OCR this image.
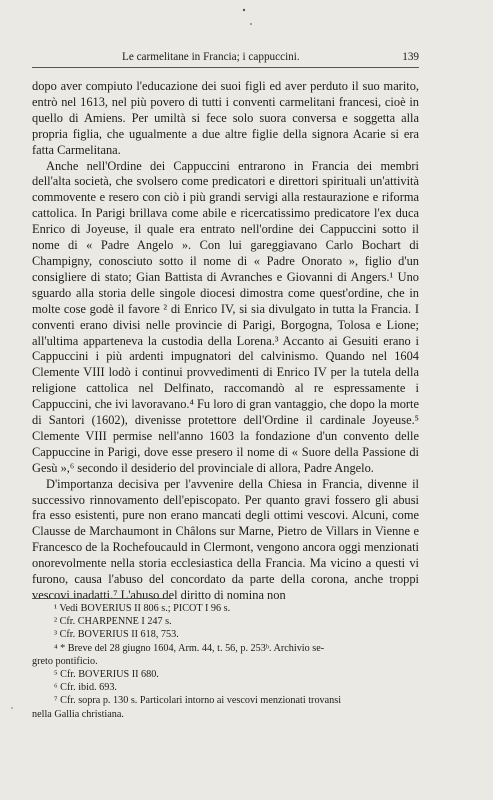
Le carmelitane in Francia; i cappuccini.	139

dopo aver compiuto l'educazione dei suoi figli ed aver perduto il suo marito, entrò nel 1613, nel più povero di tutti i conventi carmelitani francesi, cioè in quello di Amiens. Per umiltà si fece solo suora conversa e soggetta alla propria figlia, che ugualmente a due altre figlie della signora Acarie si era fatta Carmelitana.

Anche nell'Ordine dei Cappuccini entrarono in Francia dei membri dell'alta società, che svolsero come predicatori e direttori spirituali un'attività commovente e resero con ciò i più grandi servigi alla restaurazione e riforma cattolica. In Parigi brillava come abile e ricercatissimo predicatore l'ex duca Enrico di Joyeuse, il quale era entrato nell'ordine dei Cappuccini sotto il nome di « Padre Angelo ». Con lui gareggiavano Carlo Bochart di Champigny, conosciuto sotto il nome di « Padre Onorato », figlio d'un consigliere di stato; Gian Battista di Avranches e Giovanni di Angers.¹ Uno sguardo alla storia delle singole diocesi dimostra come quest'ordine, che in molte cose godè il favore ² di Enrico IV, si sia divulgato in tutta la Francia. I conventi erano divisi nelle provincie di Parigi, Borgogna, Tolosa e Lione; all'ultima apparteneva la custodia della Lorena.³ Accanto ai Gesuiti erano i Cappuccini i più ardenti impugnatori del calvinismo. Quando nel 1604 Clemente VIII lodò i continui provvedimenti di Enrico IV per la tutela della religione cattolica nel Delfinato, raccomandò al re espressamente i Cappuccini, che ivi lavoravano.⁴ Fu loro di gran vantaggio, che dopo la morte di Santori (1602), divenisse protettore dell'Ordine il cardinale Joyeuse.⁵ Clemente VIII permise nell'anno 1603 la fondazione d'un convento delle Cappuccine in Parigi, dove esse presero il nome di « Suore della Passione di Gesù »,⁶ secondo il desiderio del provinciale di allora, Padre Angelo.

D'importanza decisiva per l'avvenire della Chiesa in Francia, divenne il successivo rinnovamento dell'episcopato. Per quanto gravi fossero gli abusi fra esso esistenti, pure non erano mancati degli ottimi vescovi. Alcuni, come Clausse de Marchaumont in Châlons sur Marne, Pietro de Villars in Vienne e Francesco de la Rochefoucauld in Clermont, vengono ancora oggi menzionati onorevolmente nella storia ecclesiastica della Francia. Ma vicino a questi vi furono, causa l'abuso del concordato da parte della corona, anche troppi vescovi inadatti.⁷ L'abuso del diritto di nomina non

¹ Vedi BOVERIUS II 806 s.; PICOT I 96 s.
² Cfr. CHARPENNE I 247 s.
³ Cfr. BOVERIUS II 618, 753.
⁴ * Breve del 28 giugno 1604, Arm. 44, t. 56, p. 253ᵇ. Archivio se-
greto pontificio.
⁵ Cfr. BOVERIUS II 680.
⁶ Cfr. ibid. 693.
⁷ Cfr. sopra p. 130 s. Particolari intorno ai vescovi menzionati trovansi
nella Gallia christiana.
